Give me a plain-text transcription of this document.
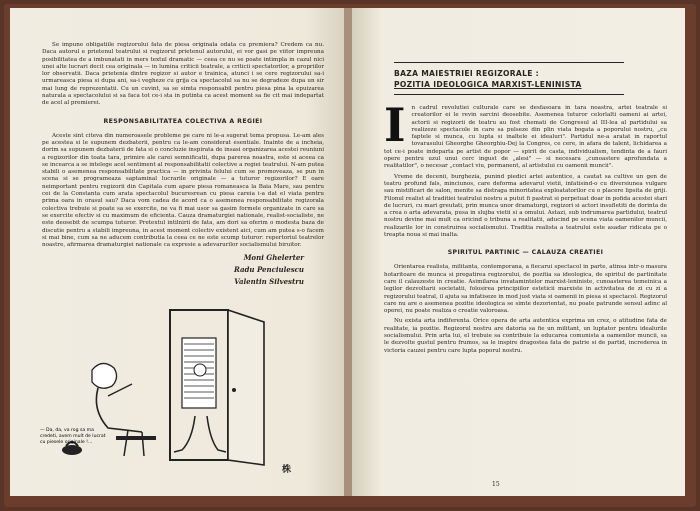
Se impune obligatiile regizorului fata de piesa originala odata cu premiera? Credem ca nu. Daca autorul e prietenul teatrului si regizorul prietenul autorului, ei vor gasi pe viitor impreuna posibilitatea de a imbunatati in mers textul dramatic — ceea ce nu se poate intimpla in cazul nici unei alte lucrari decit cea originala — in lumina criticii teatrale, a criticii spectatorilor, a propriilor lor observatii. Daca prietenia dintre regizor si autor e trainica, atunci i se cere regizorului sa-i urmareasca piesa si dupa ani, sa-i vegheze cu grija ca spectacolul sa nu se degradeze dupa un sir mai lung de reprezentatii. Cu un cuvint, sa se simta responsabil pentru piesa pina la epuizarea naturala a spectacolului si sa faca tot ce-i sta in putinta ca acest moment sa fie cit mai indepartat de acel al premierei.

RESPONSABILITATEA COLECTIVA A REGIEI

Aceste sint citeva din numeroasele probleme pe care ni le-a sugerat tema propusa. Le-am ales pe acestea si le supunem dezbaterii, pentru ca le-am considerat esentiale. Inainte de a incheia, dorim sa supunem dezbaterii de fata si o concluzie inspirata de insasi organizarea acestei reuniuni a regizorilor din toata tara, primire ale carei semnificatii, dupa parerea noastra, este si aceea ca se incearca a se intelege acel sentiment al responsabilitatii colective a regiei teatrului. N-am putea stabili o asemenea responsabilitate practica — in privinta felului cum se promoveaza, se pun in scena si se programeaza saptaminal lucrarile originale — a tuturor regizorilor? E oare neimportant pentru regizorii din Capitala cum apare piesa romaneasca la Baia Mare, sau pentru cei de la Constanta cum arata spectacolul bucuresrean cu piesa careia i-a dat el viata pentru prima oara in orasul sau? Daca vom cadea de acord ca o asemenea responsabilitate regizorala colectiva trebuie si poate sa se exercite, ne va fi mai usor sa gasim formele organizate in care sa se exercite efectiv si cu maximum de eficienta. Cauza dramaturgiei nationale, realist-socialiste, ne este deosebit de scumpa tuturor. Pretextul intilnirii de fata, am dori sa oferim o modesta baza de discutie pentru a stabili impreuna, in acest moment colectiv existent aici, cum am putea s-o facem si mai bine, cum sa ne aducem contributia la ceea ce ne este scump tuturor: repertoriul teatrelor noastre, afirmarea dramaturgiei nationale ca expresie a adevarurilor socialismului biruitor.

Moni Ghelerter
Radu Penciulescu
Valentin Silvestru
株
— Da, da, va rog sa ma credeti, avem mult de lucrat cu piesele originale !...
BAZA MAIESTRIEI REGIZORALE :
POZITIA IDEOLOGICA MARXIST-LENINISTA
I	n cadrul revolutiei culturale care se desfasoara in tara noastra, artei teatrale si creatorilor ei le revin sarcini deosebite. Asemenea tuturor celorlalti oameni ai artei, actorii si regizorii de teatru au fost chemati de Congresul al III-lea al partidului sa realizeze spectacole in care sa pulseze din plin viata bogata a poporului nostru, „cu faptele si munca, cu lupta si inaltele ei idealuri". Partidul ne-a aratat in raportul tovarasului Gheorghe Gheorghiu-Dej la Congres, ce cere, in afara de talent, lichidarea a tot ce-i poate indeparta pe artist de popor — spirit de casta, individualism, tendinta de a fauri opere pentru uzul unui cerc ingust de „alesi" — si necesara „cunoastere aprofundata a realitatilor", o necesar „contact viu, permanent, al artistului cu oamenii muncii".

Vreme de decenii, burghezia, punind piedici artei autentice, a cautat sa cultive un gen de teatru profund fals, minciunos, care deforma adevarul vietii, infatisind-o cu diversiunea vulgare sau mistificari de salon, menite sa distraga minoritatea exploatatorilor cu o placere lipsita de griji. Filonul realist al traditiei teatrului nostru a putut fi pastrat si perpetuat doar in pofida acestei stari de lucruri, cu mari greutati, prin munca unor dramaturgi, regizori si actori insufletiti de dorinta de a crea o arta adevarata, pusa in slujba vietii si a omului. Astazi, sub indrumarea partidului, teatrul nostru devine mai mult ca oricind o tribuna a realitatii, aducind pe scena viata oamenilor muncii, realizarile lor in construirea socialismului. Traditia realista a teatrului este asadar ridicata pe o treapta noua si mai inalta.

SPIRITUL PARTINIC — CALAUZA CREATIEI

Orientarea realista, militanta, contemporana, a fiecarui spectacol in parte, atinsa intr-o masura hotaritoare de munca si pregatirea regizorului, de pozitia sa ideologica, de spiritul de partinitate care il calauzeste in creatie. Asimilarea invatamintelor marxist-leniniste, cunoasterea temeinica a legilor dezvoltarii societatii, folosirea principiilor esteticii marxiste in activitatea de zi cu zi a regizorului teatral, il ajuta sa infatiseze in mod just viata si oamenii in piesa si spectacol. Regizorul care nu are o asemenea pozitie ideologica se simte dezorientat, nu poate patrunde sensul adinc al operei, nu poate realiza o creatie valoroasa.

Nu exista arta indiferenta. Orice opera de arta autentica exprima un crez, o atitudine fata de realitate, ia pozitie. Regizorul nostru are datoria sa fie un militant, un luptator pentru idealurile socialismului. Prin arta lui, el trebuie sa contribuie la educarea comunista a oamenilor muncii, sa le dezvolte gustul pentru frumos, sa le inspire dragostea fata de patrie si de partid, increderea in victoria cauzei pentru care lupta poporul nostru.

15
